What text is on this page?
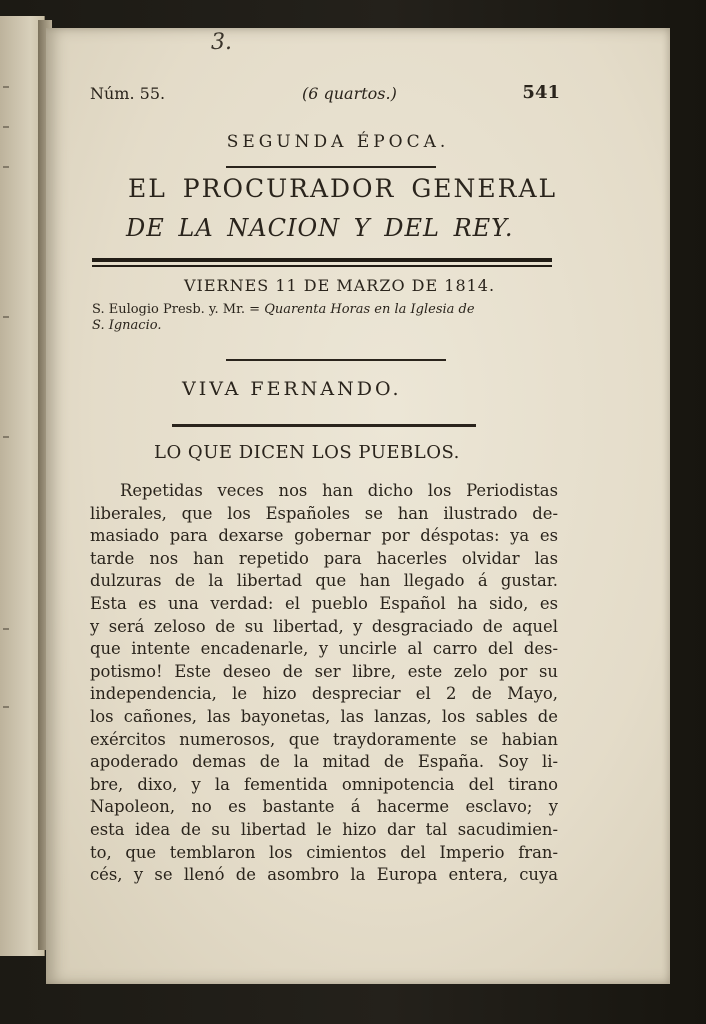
3.
Núm. 55.	(6 quartos.)	541
SEGUNDA ÉPOCA.
EL PROCURADOR GENERAL
DE LA NACION Y DEL REY.
VIERNES 11 DE MARZO DE 1814.
S. Eulogio Presb. y. Mr. = Quarenta Horas en la Iglesia de
S. Ignacio.
VIVA FERNANDO.
LO QUE DICEN LOS PUEBLOS.
Repetidas veces nos han dicho los Periodistas
liberales, que los Españoles se han ilustrado de-
masiado para dexarse gobernar por déspotas: ya es
tarde nos han repetido para hacerles olvidar las
dulzuras de la libertad que han llegado á gustar.
Esta es una verdad: el pueblo Español ha sido, es
y será zeloso de su libertad, y desgraciado de aquel
que intente encadenarle, y uncirle al carro del des-
potismo! Este deseo de ser libre, este zelo por su
independencia, le hizo despreciar el 2 de Mayo,
los cañones, las bayonetas, las lanzas, los sables de
exércitos numerosos, que traydoramente se habian
apoderado demas de la mitad de España. Soy li-
bre, dixo, y la fementida omnipotencia del tirano
Napoleon, no es bastante á hacerme esclavo; y
esta idea de su libertad le hizo dar tal sacudimien-
to, que temblaron los cimientos del Imperio fran-
cés, y se llenó de asombro la Europa entera, cuya
